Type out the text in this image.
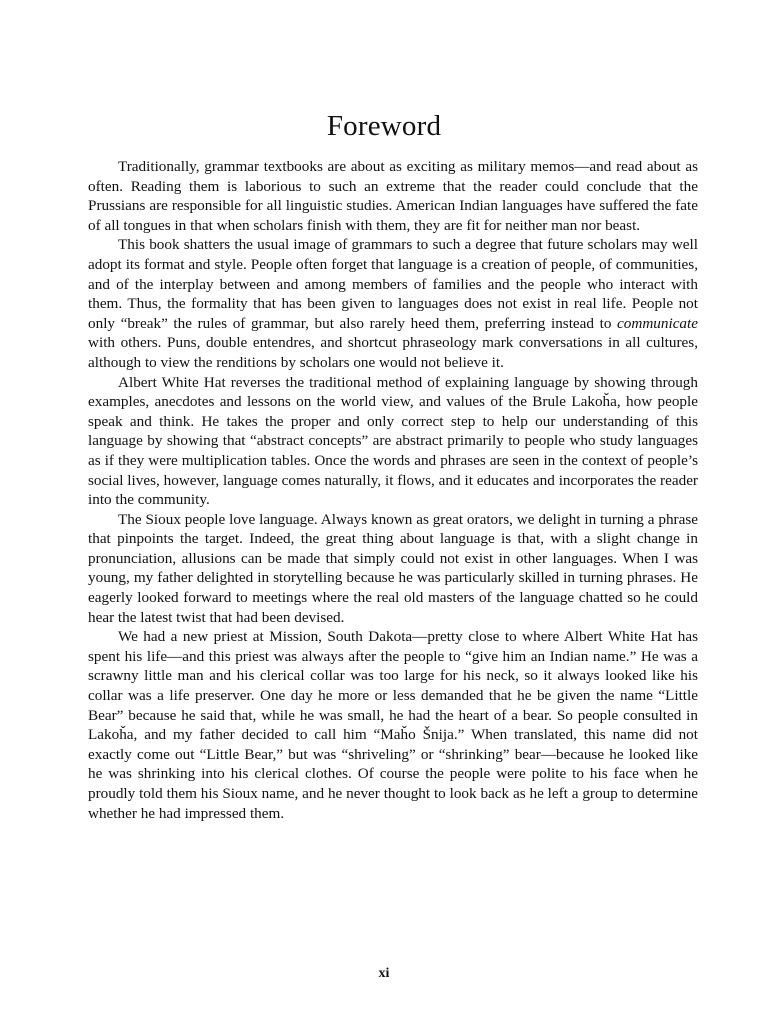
Foreword

Traditionally, grammar textbooks are about as exciting as military memos—and read about as often. Reading them is laborious to such an extreme that the reader could conclude that the Prussians are responsible for all linguistic studies. American Indian languages have suffered the fate of all tongues in that when scholars finish with them, they are fit for neither man nor beast.

This book shatters the usual image of grammars to such a degree that future scholars may well adopt its format and style. People often forget that language is a creation of people, of communities, and of the interplay between and among members of families and the people who interact with them. Thus, the formality that has been given to languages does not exist in real life. People not only “break” the rules of grammar, but also rarely heed them, preferring instead to communicate with others. Puns, double entendres, and shortcut phraseology mark conversations in all cultures, although to view the renditions by scholars one would not believe it.

Albert White Hat reverses the traditional method of explaining language by showing through examples, anecdotes and lessons on the world view, and values of the Brule Lakoȟa, how people speak and think. He takes the proper and only correct step to help our understanding of this language by showing that “abstract concepts” are abstract primarily to people who study languages as if they were multiplication tables. Once the words and phrases are seen in the context of people’s social lives, however, language comes naturally, it flows, and it educates and incorporates the reader into the community.

The Sioux people love language. Always known as great orators, we delight in turning a phrase that pinpoints the target. Indeed, the great thing about language is that, with a slight change in pronunciation, allusions can be made that simply could not exist in other languages. When I was young, my father delighted in storytelling because he was particularly skilled in turning phrases. He eagerly looked forward to meetings where the real old masters of the language chatted so he could hear the latest twist that had been devised.

We had a new priest at Mission, South Dakota—pretty close to where Albert White Hat has spent his life—and this priest was always after the people to “give him an Indian name.” He was a scrawny little man and his clerical collar was too large for his neck, so it always looked like his collar was a life preserver. One day he more or less demanded that he be given the name “Little Bear” because he said that, while he was small, he had the heart of a bear. So people consulted in Lakoȟa, and my father decided to call him “Maȟo Šnija.” When translated, this name did not exactly come out “Little Bear,” but was “shriveling” or “shrinking” bear—because he looked like he was shrinking into his clerical clothes. Of course the people were polite to his face when he proudly told them his Sioux name, and he never thought to look back as he left a group to determine whether he had impressed them.

xi
